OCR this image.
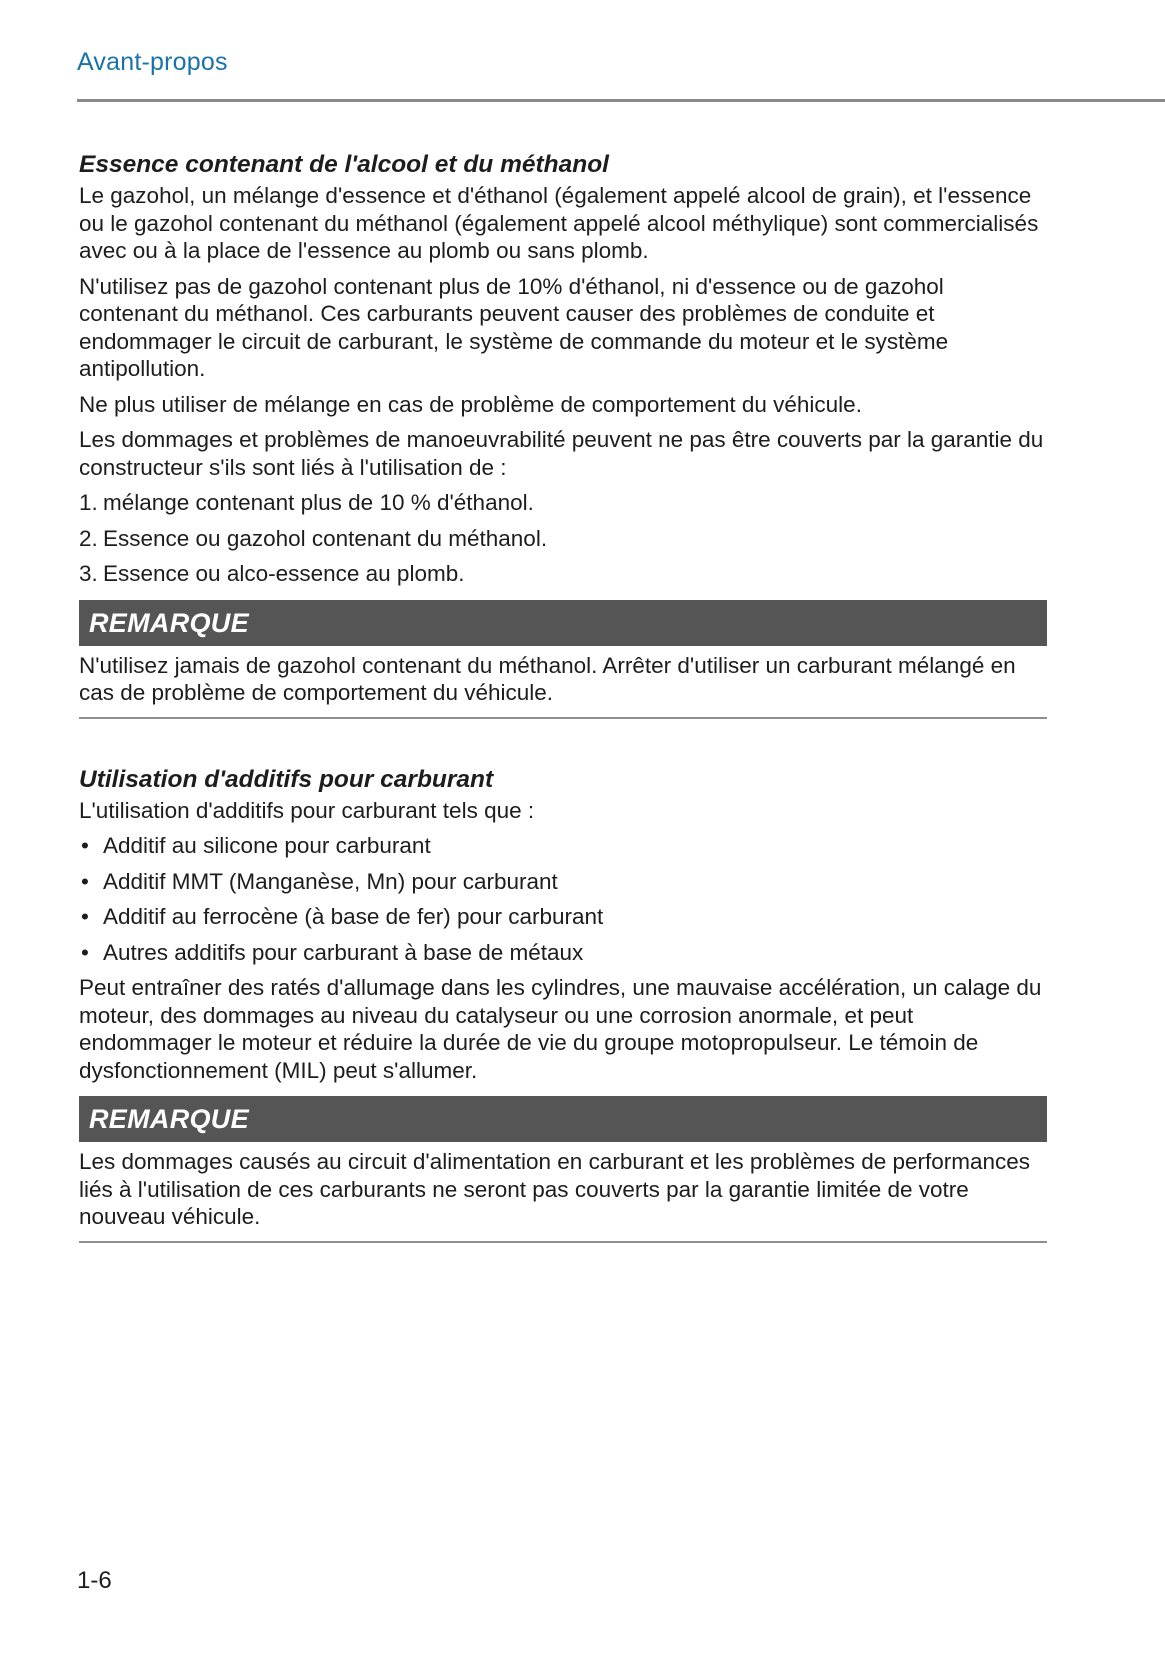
Avant-propos
Essence contenant de l'alcool et du méthanol

Le gazohol, un mélange d'essence et d'éthanol (également appelé alcool de grain), et l'essence ou le gazohol contenant du méthanol (également appelé alcool méthylique) sont commercialisés avec ou à la place de l'essence au plomb ou sans plomb.

N'utilisez pas de gazohol contenant plus de 10% d'éthanol, ni d'essence ou de gazohol contenant du méthanol. Ces carburants peuvent causer des problèmes de conduite et endommager le circuit de carburant, le système de commande du moteur et le système antipollution.

Ne plus utiliser de mélange en cas de problème de comportement du véhicule.

Les dommages et problèmes de manoeuvrabilité peuvent ne pas être couverts par la garantie du constructeur s'ils sont liés à l'utilisation de :

1. mélange contenant plus de 10 % d'éthanol.
2. Essence ou gazohol contenant du méthanol.
3. Essence ou alco-essence au plomb.
REMARQUE

N'utilisez jamais de gazohol contenant du méthanol. Arrêter d'utiliser un carburant mélangé en cas de problème de comportement du véhicule.

Utilisation d'additifs pour carburant

L'utilisation d'additifs pour carburant tels que :

• Additif au silicone pour carburant
• Additif MMT (Manganèse, Mn) pour carburant
• Additif au ferrocène (à base de fer) pour carburant
• Autres additifs pour carburant à base de métaux

Peut entraîner des ratés d'allumage dans les cylindres, une mauvaise accélération, un calage du moteur, des dommages au niveau du catalyseur ou une corrosion anormale, et peut endommager le moteur et réduire la durée de vie du groupe motopropulseur. Le témoin de dysfonctionnement (MIL) peut s'allumer.

REMARQUE

Les dommages causés au circuit d'alimentation en carburant et les problèmes de performances liés à l'utilisation de ces carburants ne seront pas couverts par la garantie limitée de votre nouveau véhicule.

1-6
